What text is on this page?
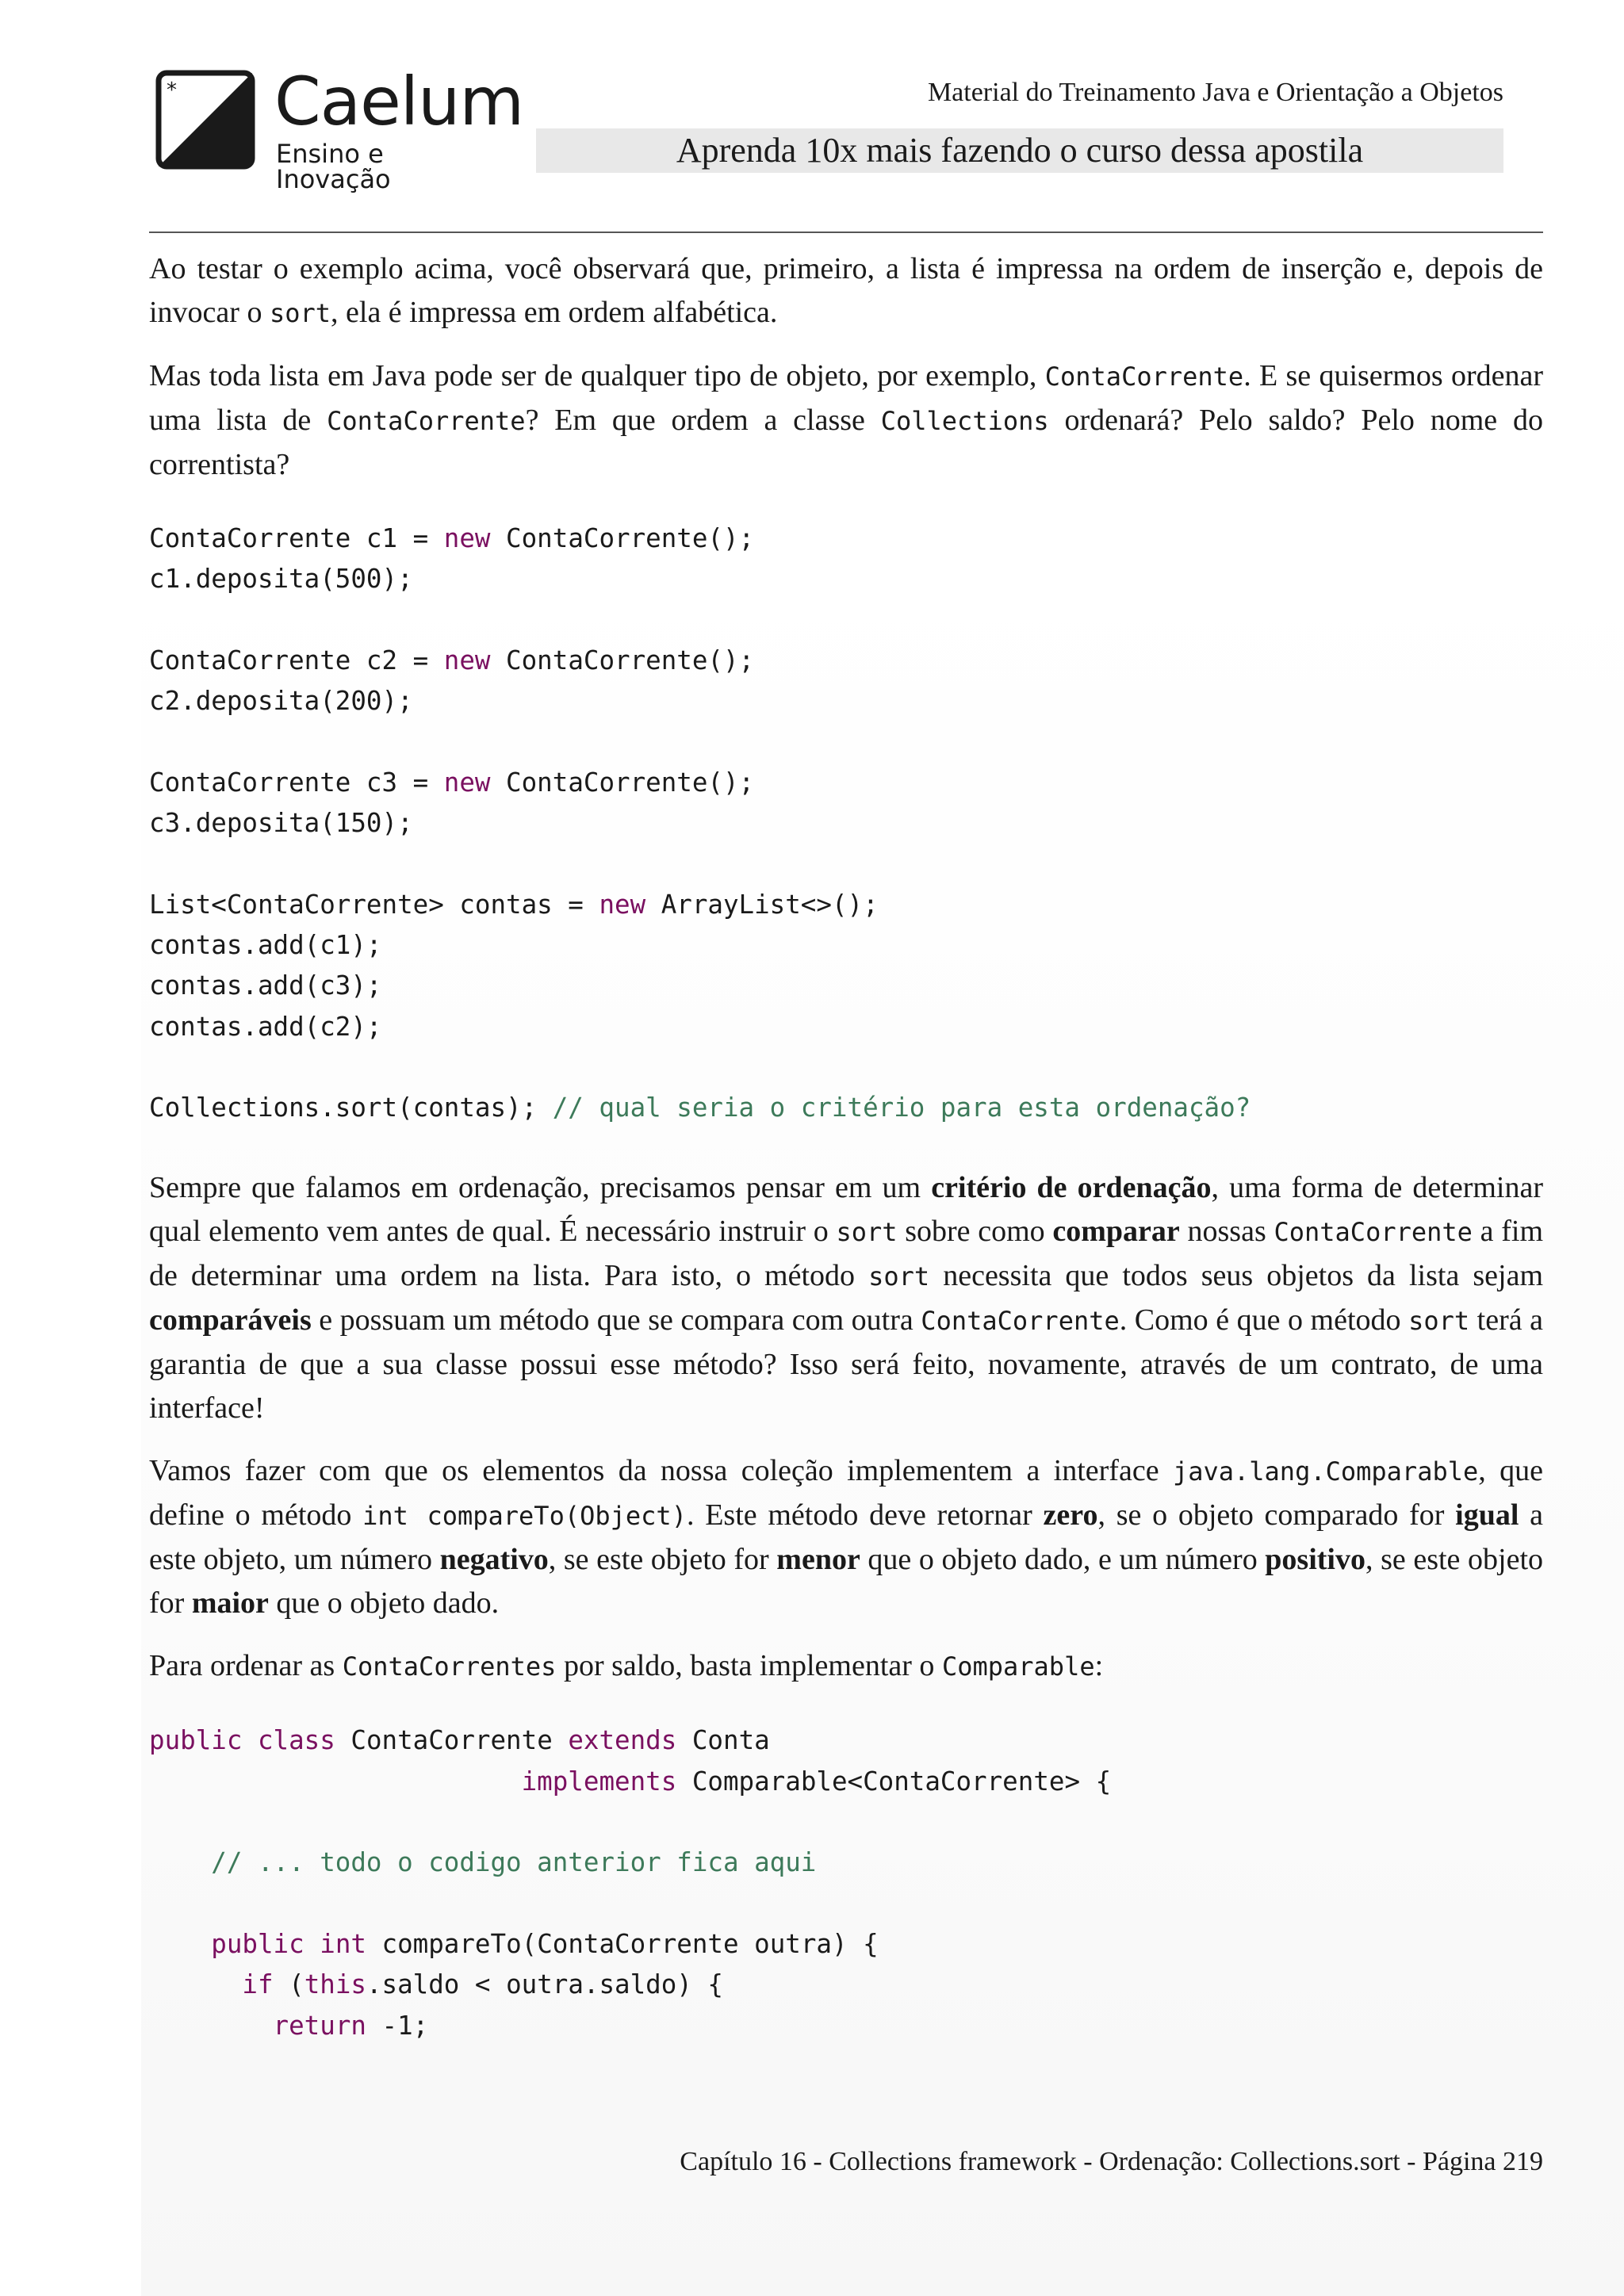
* Caelum
Ensino e Inovação
Material do Treinamento Java e Orientação a Objetos
Aprenda 10x mais fazendo o curso dessa apostila

Ao testar o exemplo acima, você observará que, primeiro, a lista é impressa na ordem de inserção e, depois de invocar o sort, ela é impressa em ordem alfabética.

Mas toda lista em Java pode ser de qualquer tipo de objeto, por exemplo, ContaCorrente. E se quisermos ordenar uma lista de ContaCorrente? Em que ordem a classe Collections ordenará? Pelo saldo? Pelo nome do correntista?

ContaCorrente c1 = new ContaCorrente();
c1.deposita(500);

ContaCorrente c2 = new ContaCorrente();
c2.deposita(200);

ContaCorrente c3 = new ContaCorrente();
c3.deposita(150);

List<ContaCorrente> contas = new ArrayList<>();
contas.add(c1);
contas.add(c3);
contas.add(c2);

Collections.sort(contas); // qual seria o critério para esta ordenação?

Sempre que falamos em ordenação, precisamos pensar em um critério de ordenação, uma forma de determinar qual elemento vem antes de qual. É necessário instruir o sort sobre como comparar nossas ContaCorrente a fim de determinar uma ordem na lista. Para isto, o método sort necessita que todos seus objetos da lista sejam comparáveis e possuam um método que se compara com outra ContaCorrente. Como é que o método sort terá a garantia de que a sua classe possui esse método? Isso será feito, novamente, através de um contrato, de uma interface!

Vamos fazer com que os elementos da nossa coleção implementem a interface java.lang.Comparable, que define o método int compareTo(Object). Este método deve retornar zero, se o objeto comparado for igual a este objeto, um número negativo, se este objeto for menor que o objeto dado, e um número positivo, se este objeto for maior que o objeto dado.

Para ordenar as ContaCorrentes por saldo, basta implementar o Comparable:

public class ContaCorrente extends Conta
implements Comparable<ContaCorrente> {

// ... todo o codigo anterior fica aqui

public int compareTo(ContaCorrente outra) {
if (this.saldo < outra.saldo) {
return -1;
Capítulo 16 - Collections framework - Ordenação: Collections.sort - Página 219
